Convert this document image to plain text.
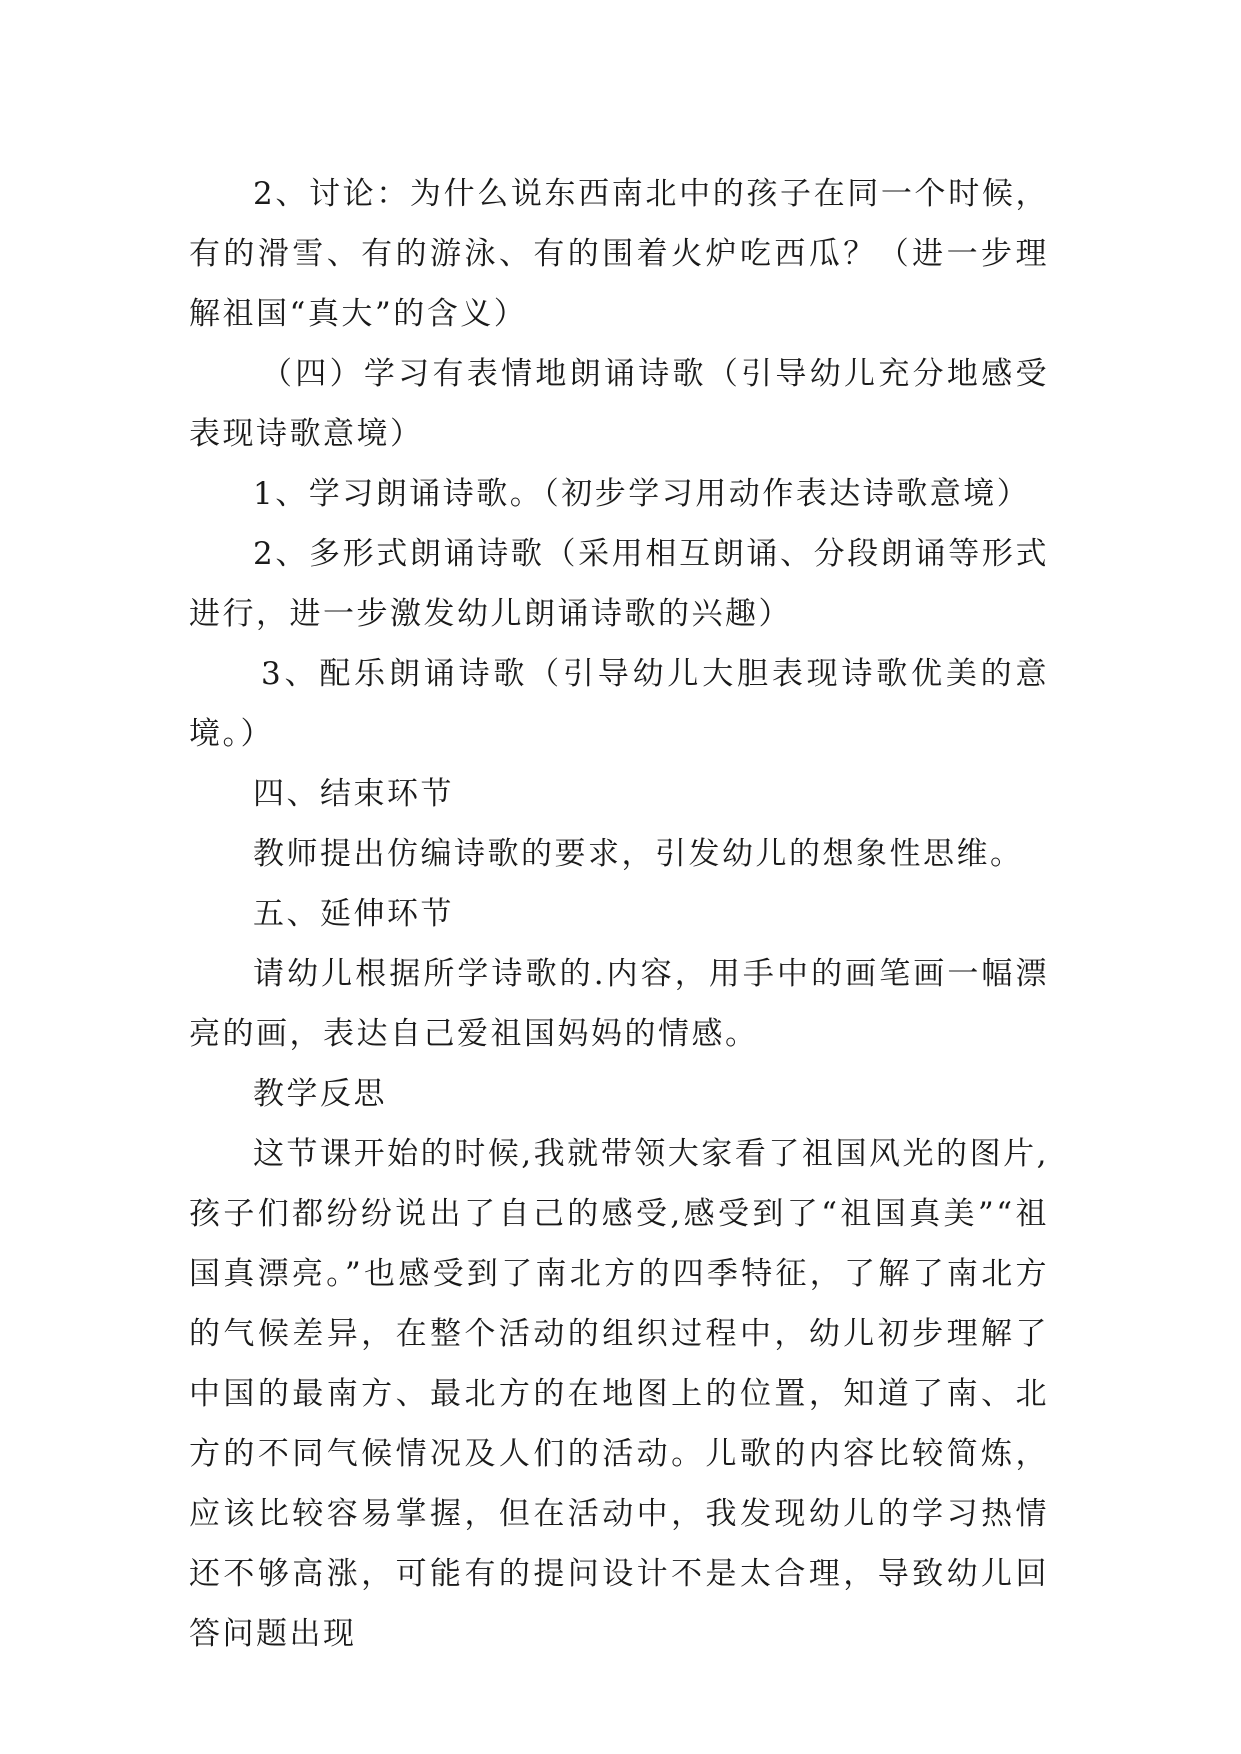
2、讨论：为什么说东西南北中的孩子在同一个时候，有的滑雪、有的游泳、有的围着火炉吃西瓜？（进一步理解祖国“真大”的含义）

（四）学习有表情地朗诵诗歌（引导幼儿充分地感受表现诗歌意境）

1、学习朗诵诗歌。（初步学习用动作表达诗歌意境）

2、多形式朗诵诗歌（采用相互朗诵、分段朗诵等形式进行，进一步激发幼儿朗诵诗歌的兴趣）

3、配乐朗诵诗歌（引导幼儿大胆表现诗歌优美的意境。）

四、结束环节

教师提出仿编诗歌的要求，引发幼儿的想象性思维。

五、延伸环节

请幼儿根据所学诗歌的.内容，用手中的画笔画一幅漂亮的画，表达自己爱祖国妈妈的情感。

教学反思

这节课开始的时候,我就带领大家看了祖国风光的图片,孩子们都纷纷说出了自己的感受,感受到了“祖国真美”“祖国真漂亮。”也感受到了南北方的四季特征，了解了南北方的气候差异，在整个活动的组织过程中，幼儿初步理解了中国的最南方、最北方的在地图上的位置，知道了南、北方的不同气候情况及人们的活动。儿歌的内容比较简炼，应该比较容易掌握，但在活动中，我发现幼儿的学习热情还不够高涨，可能有的提问设计不是太合理，导致幼儿回答问题出现
